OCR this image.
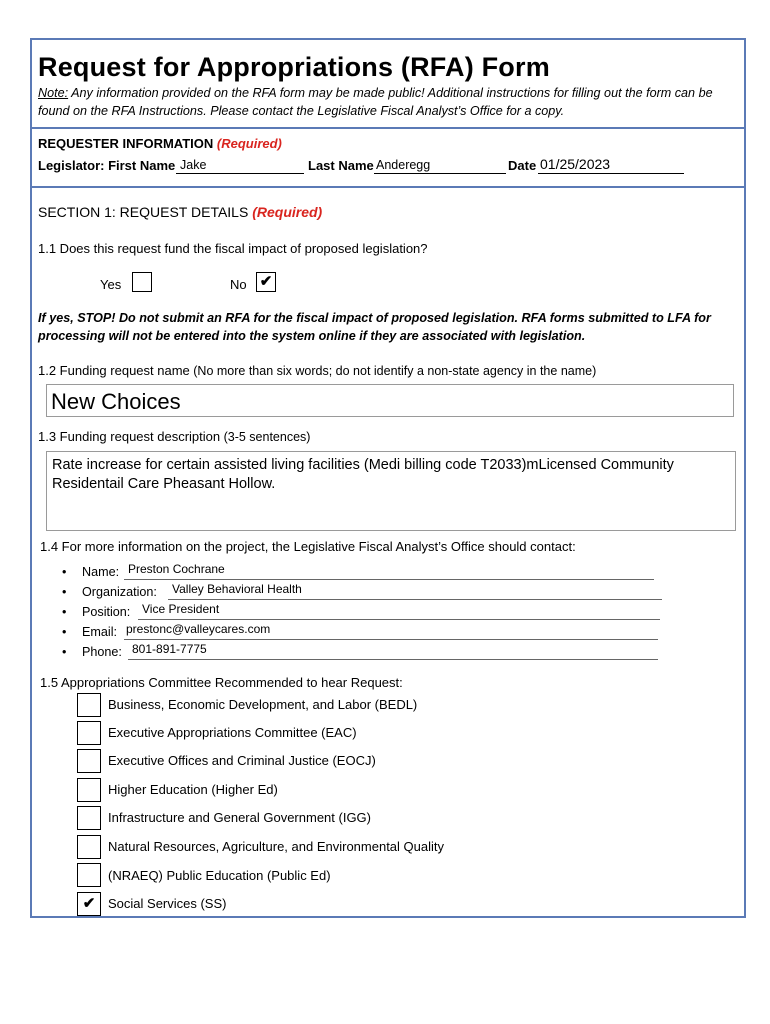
Request for Appropriations (RFA) Form
Note: Any information provided on the RFA form may be made public! Additional instructions for filling out the form can be found on the RFA Instructions. Please contact the Legislative Fiscal Analyst’s Office for a copy.
REQUESTER INFORMATION (Required)
Legislator: First Name Jake	Last Name Anderegg	Date 01/25/2023
SECTION 1: REQUEST DETAILS (Required)
1.1 Does this request fund the fiscal impact of proposed legislation?
Yes	No ✔
If yes, STOP! Do not submit an RFA for the fiscal impact of proposed legislation. RFA forms submitted to LFA for processing will not be entered into the system online if they are associated with legislation.
1.2 Funding request name (No more than six words; do not identify a non-state agency in the name)
New Choices
1.3 Funding request description (3-5 sentences)
Rate increase for certain assisted living facilities (Medi billing code T2033)mLicensed Community Residentail Care Pheasant Hollow.
1.4 For more information on the project, the Legislative Fiscal Analyst’s Office should contact:
• Name: Preston Cochrane
• Organization: Valley Behavioral Health
• Position: Vice President
• Email: prestonc@valleycares.com
• Phone: 801-891-7775
1.5 Appropriations Committee Recommended to hear Request:
Business, Economic Development, and Labor (BEDL)
Executive Appropriations Committee (EAC)
Executive Offices and Criminal Justice (EOCJ)
Higher Education (Higher Ed)
Infrastructure and General Government (IGG)
Natural Resources, Agriculture, and Environmental Quality
(NRAEQ) Public Education (Public Ed)
✔ Social Services (SS)
